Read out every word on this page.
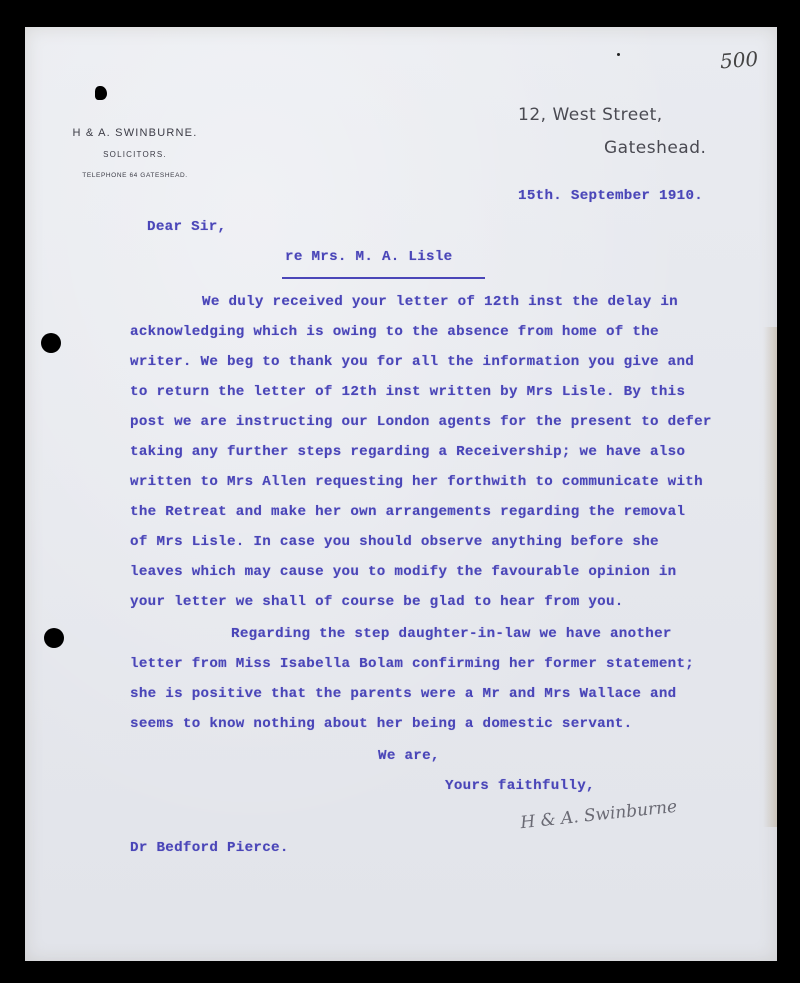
500
H & A. SWINBURNE.
SOLICITORS.
TELEPHONE 64 GATESHEAD.
12, West Street,
Gateshead.
15th. September 1910.
Dear Sir,
re Mrs. M. A. Lisle
We duly received your letter of 12th inst the delay in
acknowledging which is owing to the absence from home of the
writer. We beg to thank you for all the information you give and
to return the letter of 12th inst written by Mrs Lisle. By this
post we are instructing our London agents for the present to defer
taking any further steps regarding a Receivership; we have also
written to Mrs Allen requesting her forthwith to communicate with
the Retreat and make her own arrangements regarding the removal
of Mrs Lisle. In case you should observe anything before she
leaves which may cause you to modify the favourable opinion in
your letter we shall of course be glad to hear from you.
Regarding the step daughter-in-law we have another
letter from Miss Isabella Bolam confirming her former statement;
she is positive that the parents were a Mr and Mrs Wallace and
seems to know nothing about her being a domestic servant.
We are,
Yours faithfully,
H & A. Swinburne
Dr Bedford Pierce.
